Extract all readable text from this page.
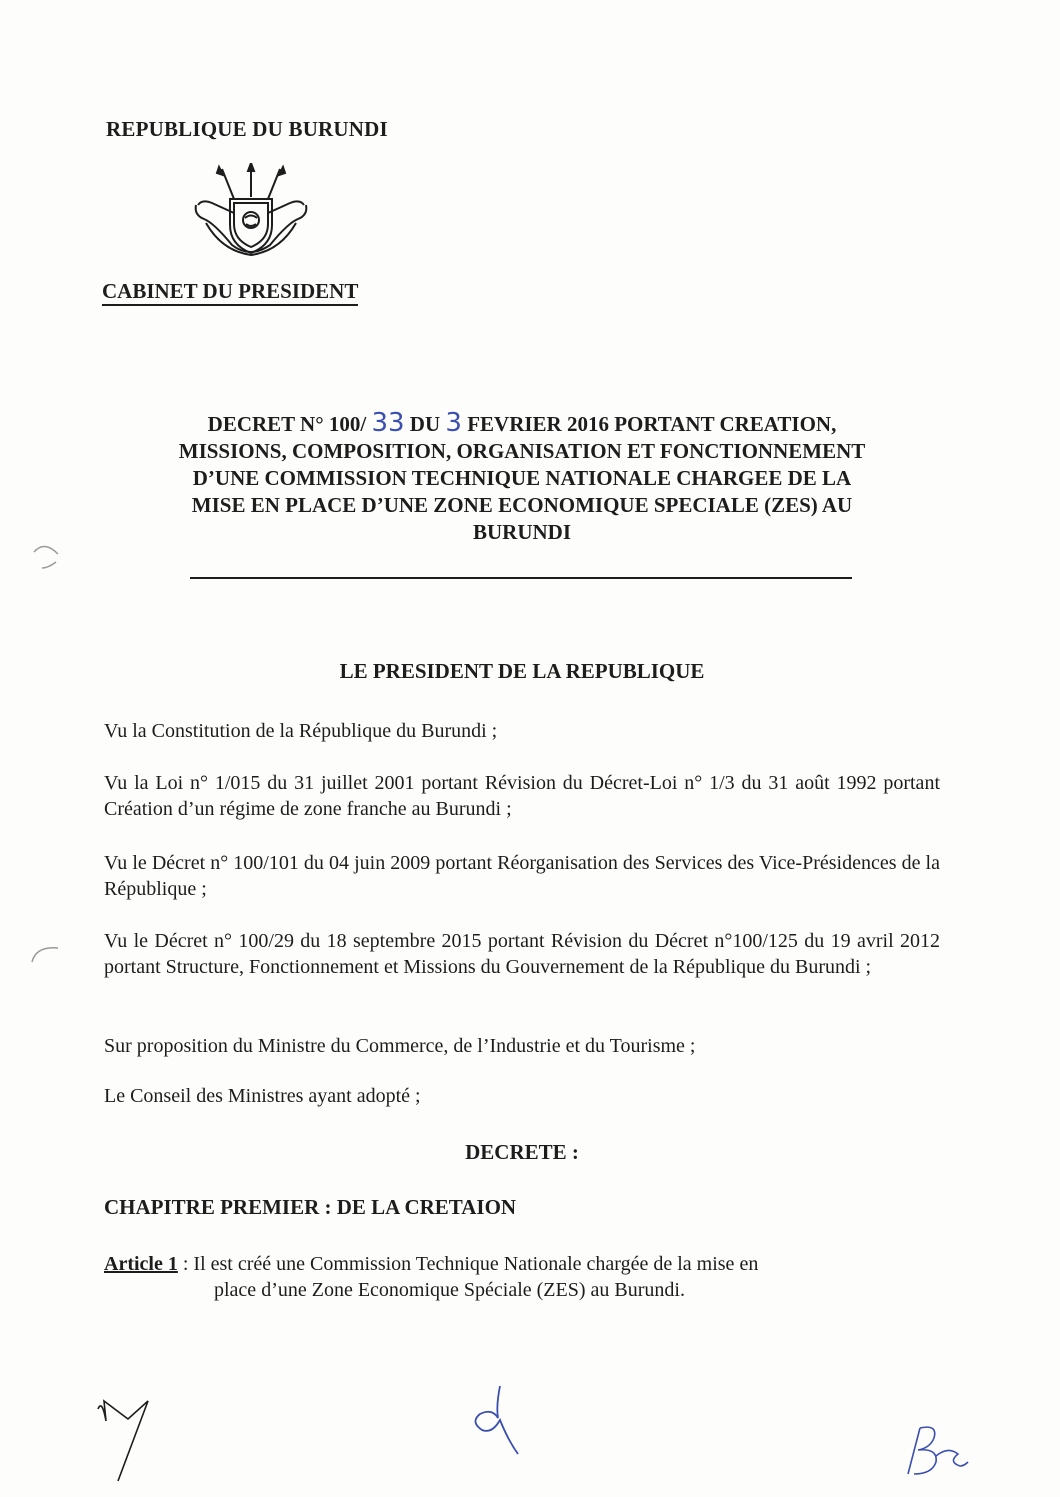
REPUBLIQUE DU BURUNDI
CABINET DU PRESIDENT
DECRET N° 100/ 33 DU 3 FEVRIER 2016 PORTANT CREATION,
MISSIONS, COMPOSITION, ORGANISATION ET FONCTIONNEMENT
D’UNE COMMISSION TECHNIQUE NATIONALE CHARGEE DE LA
MISE EN PLACE D’UNE ZONE ECONOMIQUE SPECIALE (ZES) AU
BURUNDI
LE PRESIDENT DE LA REPUBLIQUE
Vu la Constitution de la République du Burundi ;
Vu la Loi n° 1/015 du 31 juillet 2001 portant Révision du Décret-Loi n° 1/3 du 31 août 1992 portant Création d’un régime de zone franche au Burundi ;
Vu le Décret n° 100/101 du 04 juin 2009 portant Réorganisation des Services des Vice-Présidences de la République ;
Vu le Décret n° 100/29 du 18 septembre 2015 portant Révision du Décret n°100/125 du 19 avril 2012 portant Structure, Fonctionnement et Missions du Gouvernement de la République du Burundi ;
Sur proposition du Ministre du Commerce, de l’Industrie et du Tourisme ;
Le Conseil des Ministres ayant adopté ;
DECRETE :
CHAPITRE PREMIER : DE LA CRETAION
Article 1 : Il est créé une Commission Technique Nationale chargée de la mise en
place d’une Zone Economique Spéciale (ZES) au Burundi.
